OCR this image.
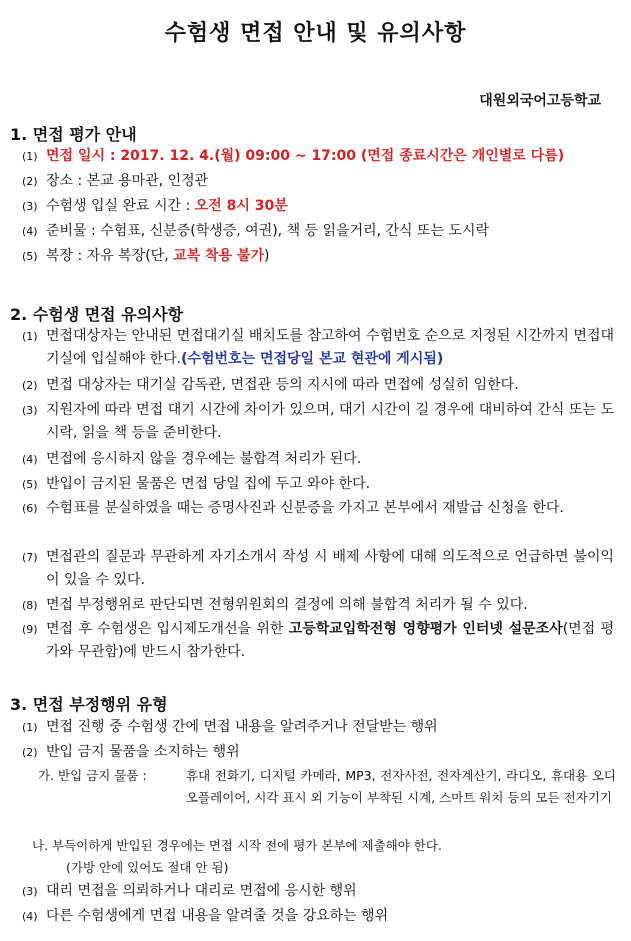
수험생 면접 안내 및 유의사항
대원외국어고등학교
1. 면접 평가 안내
(1) 면접 일시 : 2017. 12. 4.(월) 09:00 ~ 17:00 (면접 종료시간은 개인별로 다름)
(2) 장소 : 본교 용마관, 인정관
(3) 수험생 입실 완료 시간 : 오전 8시 30분
(4) 준비물 : 수험표, 신분증(학생증, 여권), 책 등 읽을거리, 간식 또는 도시락
(5) 복장 : 자유 복장(단, 교복 착용 불가)
2. 수험생 면접 유의사항
(1) 면접대상자는 안내된 면접대기실 배치도를 참고하여 수험번호 순으로 지정된 시간까지 면접대기실에 입실해야 한다.(수험번호는 면접당일 본교 현관에 게시됨)
(2) 면접 대상자는 대기실 감독관, 면접관 등의 지시에 따라 면접에 성실히 임한다.
(3) 지원자에 따라 면접 대기 시간에 차이가 있으며, 대기 시간이 길 경우에 대비하여 간식 또는 도시락, 읽을 책 등을 준비한다.
(4) 면접에 응시하지 않을 경우에는 불합격 처리가 된다.
(5) 반입이 금지된 물품은 면접 당일 집에 두고 와야 한다.
(6) 수험표를 분실하였을 때는 증명사진과 신분증을 가지고 본부에서 재발급 신청을 한다.
(7) 면접관의 질문과 무관하게 자기소개서 작성 시 배제 사항에 대해 의도적으로 언급하면 불이익이 있을 수 있다.
(8) 면접 부정행위로 판단되면 전형위원회의 결정에 의해 불합격 처리가 될 수 있다.
(9) 면접 후 수험생은 입시제도개선을 위한 고등학교입학전형 영향평가 인터넷 설문조사(면접 평가와 무관함)에 반드시 참가한다.
3. 면접 부정행위 유형
(1) 면접 진행 중 수험생 간에 면접 내용을 알려주거나 전달받는 행위
(2) 반입 금지 물품을 소지하는 행위
가. 반입 금지 물품 :	휴대 전화기, 디지털 카메라, MP3, 전자사전, 전자계산기, 라디오, 휴대용 오디오플레이어, 시각 표시 외 기능이 부착된 시계, 스마트 워치 등의 모든 전자기기
나. 부득이하게 반입된 경우에는 면접 시작 전에 평가 본부에 제출해야 한다.
(가방 안에 있어도 절대 안 됨)
(3) 대리 면접을 의뢰하거나 대리로 면접에 응시한 행위
(4) 다른 수험생에게 면접 내용을 알려줄 것을 강요하는 행위
